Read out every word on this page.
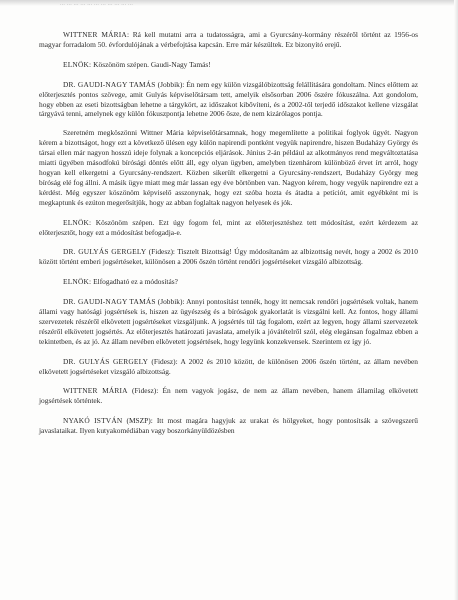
... ... ... ... ... ... ... ... ... ... ...

WITTNER MÁRIA: Rá kell mutatni arra a tudatosságra, ami a Gyurcsány-kormány részéről történt az 1956-os magyar forradalom 50. évfordulójának a vérbefojtása kapcsán. Erre már készültek. Ez bizonyító erejű.

ELNÖK: Köszönöm szépen. Gaudi-Nagy Tamás!

DR. GAUDI-NAGY TAMÁS (Jobbik): Én nem egy külön vizsgálóbizottság felállítására gondoltam. Nincs előttem az előterjesztés pontos szövege, amit Gulyás képviselőtársam tett, amelyik elsősorban 2006 őszére fókuszálna. Azt gondolom, hogy ebben az eseti bizottságban lehetne a tárgykört, az időszakot kibővíteni, és a 2002-től terjedő időszakot kellene vizsgálat tárgyává tenni, amelynek egy külön fókuszpontja lehetne 2006 ősze, de nem kizárólagos pontja.

Szeretném megköszönni Wittner Mária képviselőtársamnak, hogy megemlítette a politikai foglyok ügyét. Nagyon kérem a bizottságot, hogy ezt a következő ülésen egy külön napirendi pontként vegyük napirendre, hiszen Budaházy György és társai ellen már nagyon hosszú ideje folynak a koncepciós eljárások. Június 2-án például az alkotmányos rend megváltoztatása miatti ügyében másodfokú bírósági döntés előtt áll, egy olyan ügyben, amelyben tizenhárom különböző érvet írt arról, hogy hogyan kell elkergetni a Gyurcsány-rendszert. Közben sikerült elkergetni a Gyurcsány-rendszert, Budaházy György meg bíróság elé fog állni. A másik ügye miatt meg már lassan egy éve börtönben van. Nagyon kérem, hogy vegyük napirendre ezt a kérdést. Még egyszer köszönöm képviselő asszonynak, hogy ezt szóba hozta és átadta a petíciót, amit egyébként mi is megkaptunk és ezúton megerősítjük, hogy az abban foglaltak nagyon helyesek és jók.

ELNÖK: Köszönöm szépen. Ezt úgy fogom fel, mint az előterjesztéshez tett módosítást, ezért kérdezem az előterjesztőt, hogy ezt a módosítást befogadja-e.

DR. GULYÁS GERGELY (Fidesz): Tisztelt Bizottság! Úgy módosítanám az albizottság nevét, hogy a 2002 és 2010 között történt emberi jogsértéseket, különösen a 2006 őszén történt rendőri jogsértéseket vizsgáló albizottság.

ELNÖK: Elfogadható ez a módosítás?

DR. GAUDI-NAGY TAMÁS (Jobbik): Annyi pontosítást tennék, hogy itt nemcsak rendőri jogsértések voltak, hanem állami vagy hatósági jogsértések is, hiszen az ügyészség és a bíróságok gyakorlatát is vizsgálni kell. Az fontos, hogy állami szervezetek részéről elkövetett jogsértéseket vizsgáljunk. A jogsértés túl tág fogalom, ezért az legyen, hogy állami szervezetek részéről elkövetett jogsértés. Az előterjesztés határozati javaslata, amelyik a jóvátételről szól, elég elegánsan fogalmaz ebben a tekintetben, és az jó. Az állam nevében elkövetett jogsértések, hogy legyünk konzekvensek. Szerintem ez így jó.

DR. GULYÁS GERGELY (Fidesz): A 2002 és 2010 között, de különösen 2006 őszén történt, az állam nevében elkövetett jogsértéseket vizsgáló albizottság.

WITTNER MÁRIA (Fidesz): Én nem vagyok jogász, de nem az állam nevében, hanem államilag elkövetett jogsértések történtek.

NYAKÓ ISTVÁN (MSZP): Itt most magára hagyjuk az urakat és hölgyeket, hogy pontosítsák a szövegszerű javaslataikat. Ilyen kutyakomédiában vagy boszorkányüldözésben
